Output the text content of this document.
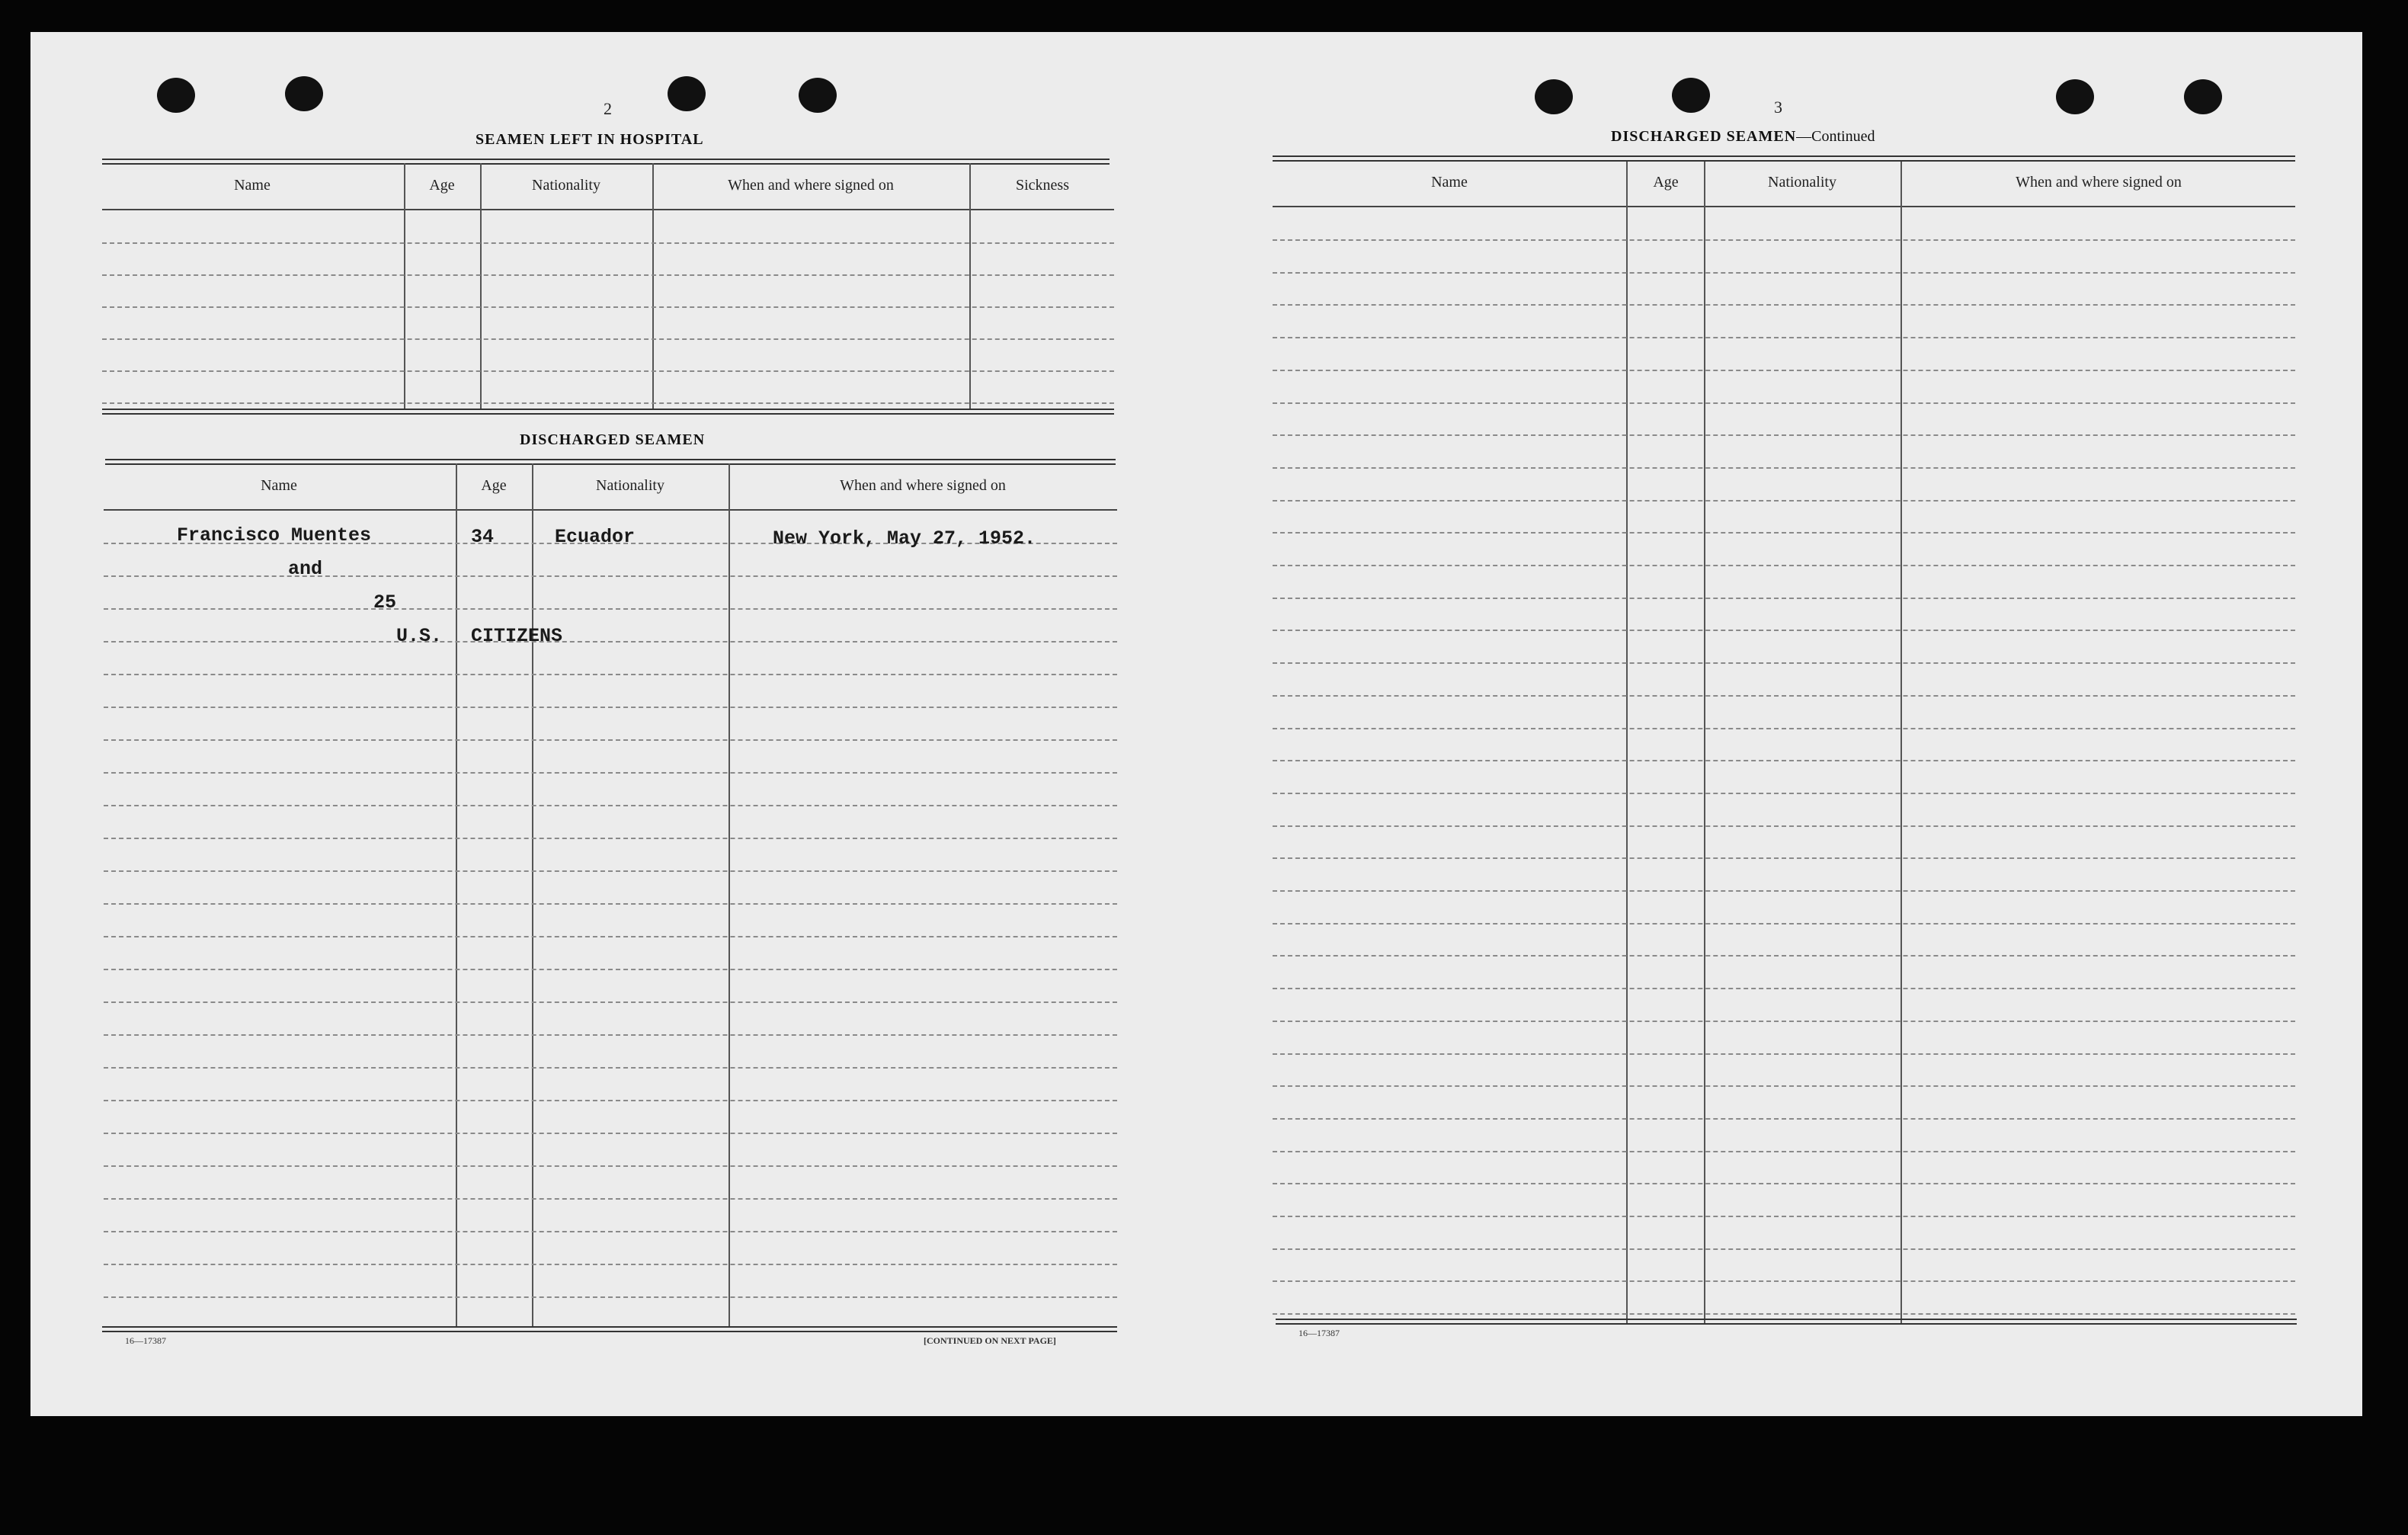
2
SEAMEN LEFT IN HOSPITAL
Name	Age	Nationality	When and where signed on	Sickness
DISCHARGED SEAMEN
Name	Age	Nationality	When and where signed on
Francisco Muentes	34	Ecuador	New York, May 27, 1952.
and
25
U.S. CITIZENS
16—17387	[CONTINUED ON NEXT PAGE]
3
DISCHARGED SEAMEN—Continued
Name	Age	Nationality	When and where signed on
16—17387
